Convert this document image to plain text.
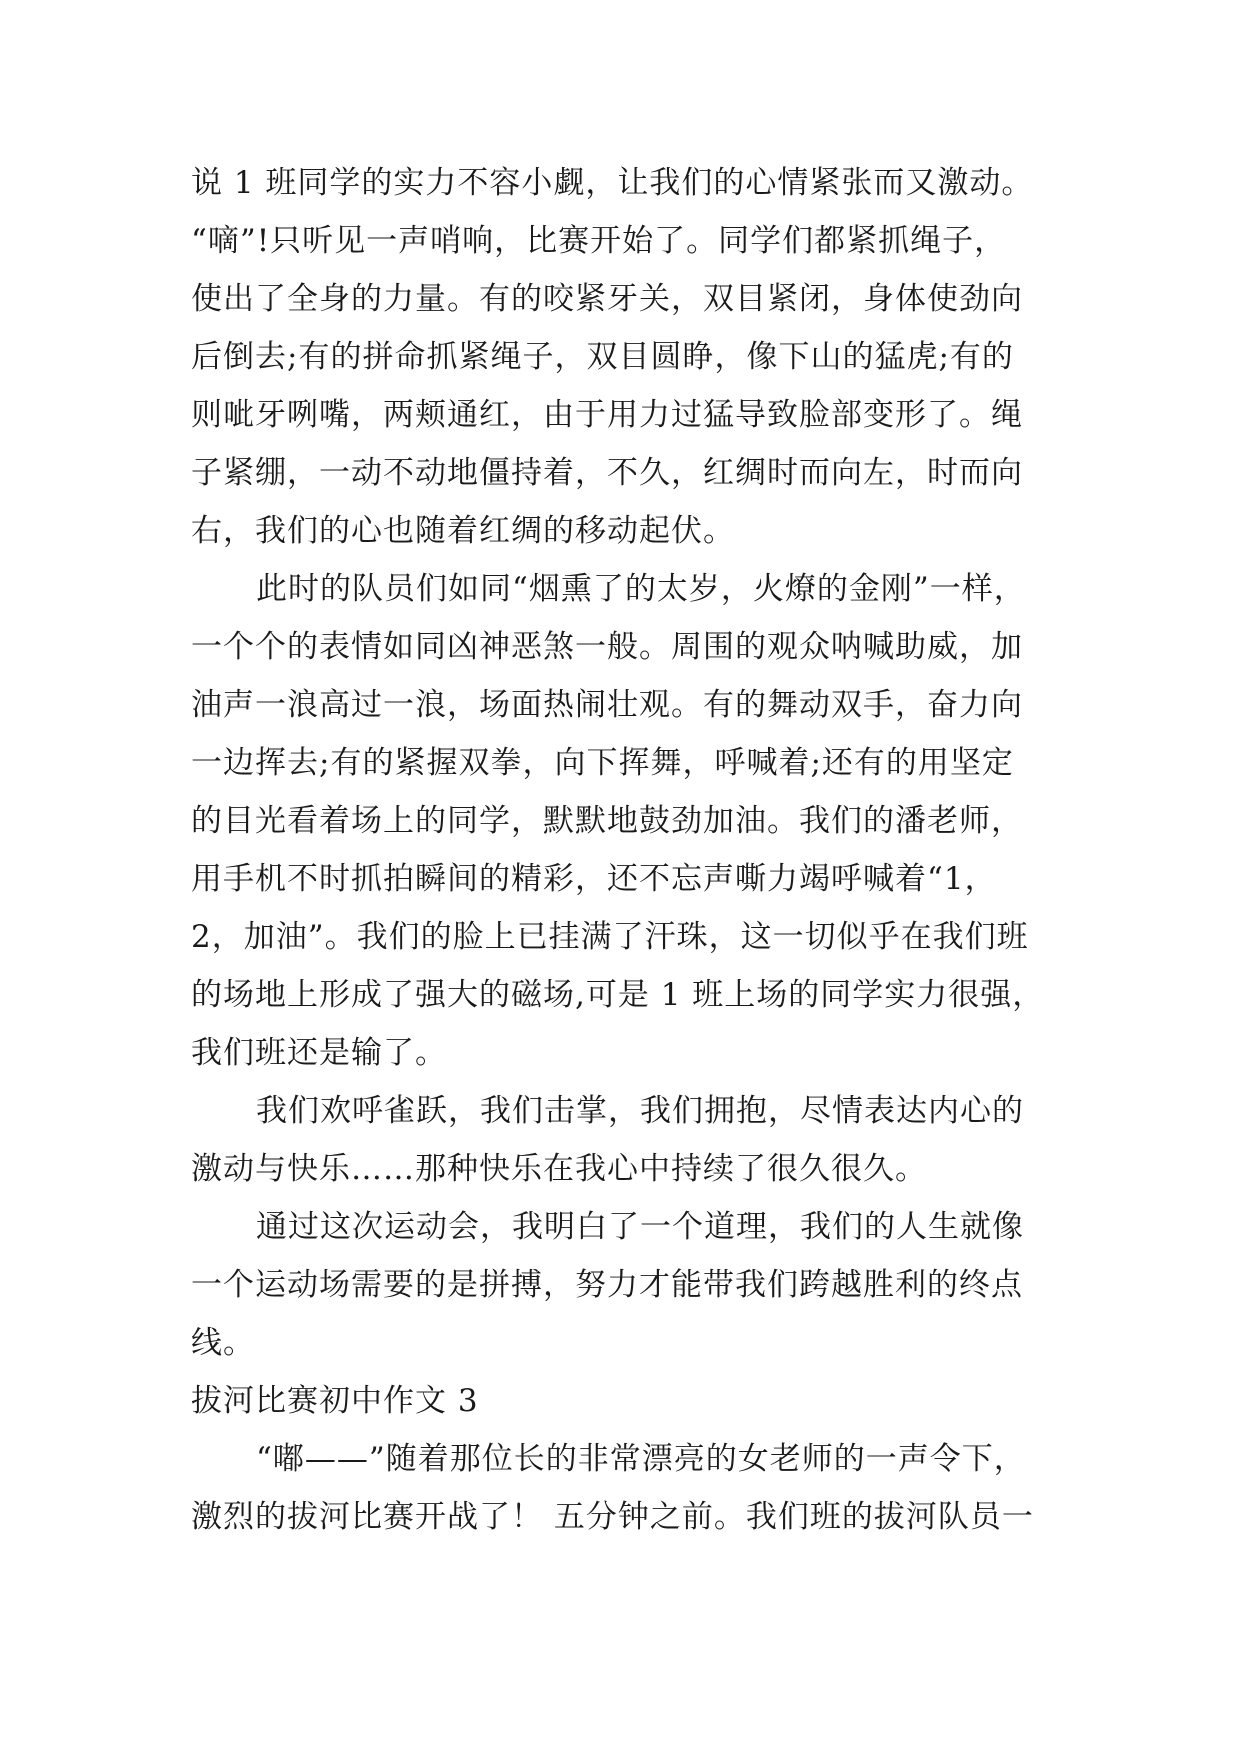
说 1 班同学的实力不容小觑，让我们的心情紧张而又激动。
“嘀”!只听见一声哨响，比赛开始了。同学们都紧抓绳子，
使出了全身的力量。有的咬紧牙关，双目紧闭，身体使劲向
后倒去;有的拼命抓紧绳子，双目圆睁，像下山的猛虎;有的
则呲牙咧嘴，两颊通红，由于用力过猛导致脸部变形了。绳
子紧绷，一动不动地僵持着，不久，红绸时而向左，时而向
右，我们的心也随着红绸的移动起伏。
此时的队员们如同“烟熏了的太岁，火燎的金刚”一样，
一个个的表情如同凶神恶煞一般。周围的观众呐喊助威，加
油声一浪高过一浪，场面热闹壮观。有的舞动双手，奋力向
一边挥去;有的紧握双拳，向下挥舞，呼喊着;还有的用坚定
的目光看着场上的同学，默默地鼓劲加油。我们的潘老师，
用手机不时抓拍瞬间的精彩，还不忘声嘶力竭呼喊着“1，
2，加油”。我们的脸上已挂满了汗珠，这一切似乎在我们班
的场地上形成了强大的磁场,可是 1 班上场的同学实力很强，
我们班还是输了。
我们欢呼雀跃，我们击掌，我们拥抱，尽情表达内心的
激动与快乐……那种快乐在我心中持续了很久很久。
通过这次运动会，我明白了一个道理，我们的人生就像
一个运动场需要的是拼搏，努力才能带我们跨越胜利的终点
线。
拔河比赛初中作文 3
“嘟——”随着那位长的非常漂亮的女老师的一声令下，
激烈的拔河比赛开战了！ 五分钟之前。我们班的拔河队员一
